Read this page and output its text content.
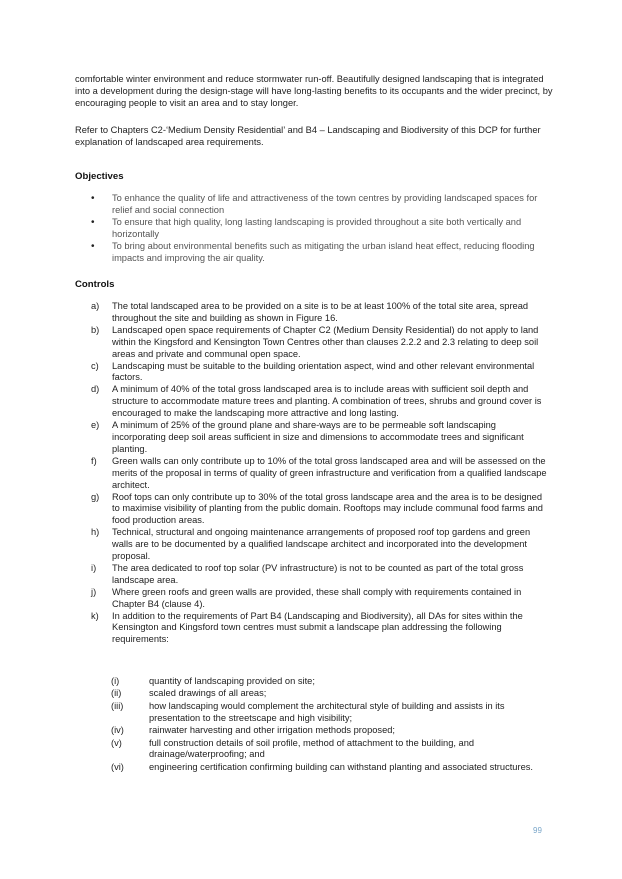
comfortable winter environment and reduce stormwater run-off. Beautifully designed landscaping that is integrated into a development during the design-stage will have long-lasting benefits to its occupants and the wider precinct, by encouraging people to visit an area and to stay longer.

Refer to Chapters C2-‘Medium Density Residential’ and B4 – Landscaping and Biodiversity of this DCP for further explanation of landscaped area requirements.

Objectives
• To enhance the quality of life and attractiveness of the town centres by providing landscaped spaces for relief and social connection
• To ensure that high quality, long lasting landscaping is provided throughout a site both vertically and horizontally
• To bring about environmental benefits such as mitigating the urban island heat effect, reducing flooding impacts and improving the air quality.
Controls
a) The total landscaped area to be provided on a site is to be at least 100% of the total site area, spread throughout the site and building as shown in Figure 16.
b) Landscaped open space requirements of Chapter C2 (Medium Density Residential) do not apply to land within the Kingsford and Kensington Town Centres other than clauses 2.2.2 and 2.3 relating to deep soil areas and private and communal open space.
c) Landscaping must be suitable to the building orientation aspect, wind and other relevant environmental factors.
d) A minimum of 40% of the total gross landscaped area is to include areas with sufficient soil depth and structure to accommodate mature trees and planting. A combination of trees, shrubs and ground cover is encouraged to make the landscaping more attractive and long lasting.
e) A minimum of 25% of the ground plane and share-ways are to be permeable soft landscaping incorporating deep soil areas sufficient in size and dimensions to accommodate trees and significant planting.
f) Green walls can only contribute up to 10% of the total gross landscaped area and will be assessed on the merits of the proposal in terms of quality of green infrastructure and verification from a qualified landscape architect.
g) Roof tops can only contribute up to 30% of the total gross landscape area and the area is to be designed to maximise visibility of planting from the public domain. Rooftops may include communal food farms and food production areas.
h) Technical, structural and ongoing maintenance arrangements of proposed roof top gardens and green walls are to be documented by a qualified landscape architect and incorporated into the development proposal.
i) The area dedicated to roof top solar (PV infrastructure) is not to be counted as part of the total gross landscape area.
j) Where green roofs and green walls are provided, these shall comply with requirements contained in Chapter B4 (clause 4).
k) In addition to the requirements of Part B4 (Landscaping and Biodiversity), all DAs for sites within the Kensington and Kingsford town centres must submit a landscape plan addressing the following requirements:
(i)	quantity of landscaping provided on site;
(ii)	scaled drawings of all areas;
(iii)	how landscaping would complement the architectural style of building and assists in its presentation to the streetscape and high visibility;
(iv)	rainwater harvesting and other irrigation methods proposed;
(v)	full construction details of soil profile, method of attachment to the building, and drainage/waterproofing; and
(vi)	engineering certification confirming building can withstand planting and associated structures.
99
